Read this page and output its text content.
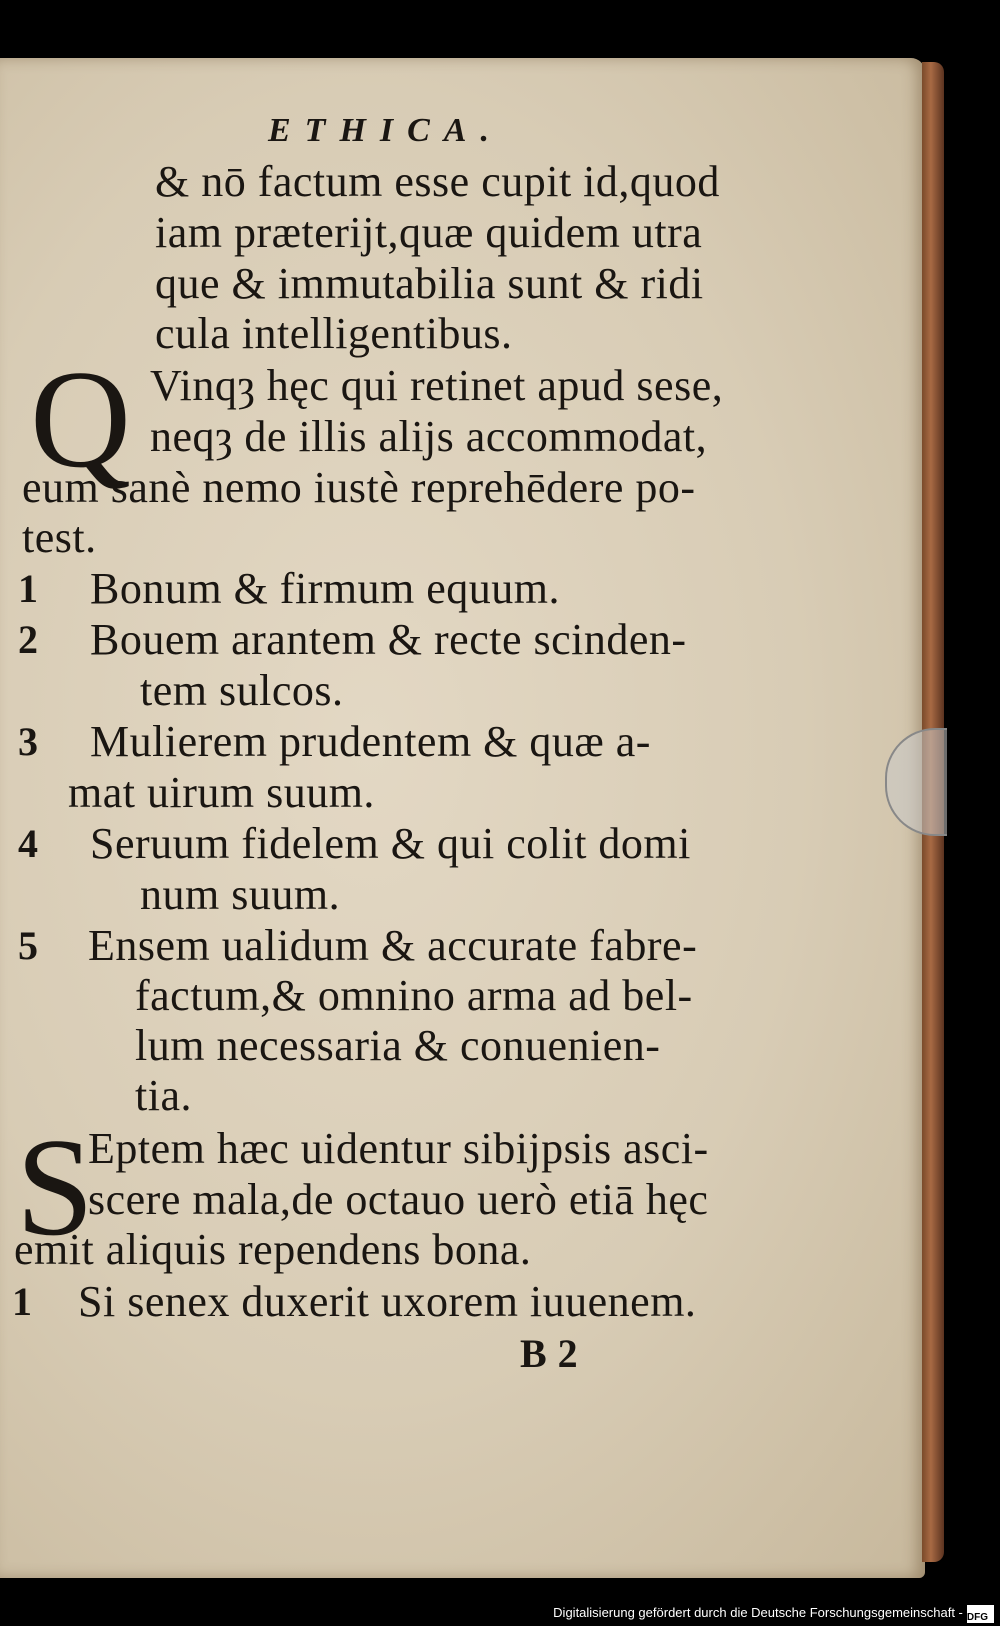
ETHICA.
& nō factum esse cupit id,quod
iam præterijt,quæ quidem utra
que & immutabilia sunt & ridi
cula intelligentibus.
Q Vinqȝ hęc qui retinet apud sese,
neqȝ de illis alijs accommodat,
eum sanè nemo iustè reprehēdere po-
test.
1 Bonum & firmum equum.
2 Bouem arantem & recte scinden-
tem sulcos.
3 Mulierem prudentem & quæ a-
mat uirum suum.
4 Seruum fidelem & qui colit domi
num suum.
5 Ensem ualidum & accurate fabre-
factum,& omnino arma ad bel-
lum necessaria & conuenien-
tia.
S
Eptem hæc uidentur sibijpsis asci-
scere mala,de octauo uerò etiā hęc
emit aliquis rependens bona.
1 Si senex duxerit uxorem iuuenem.
B 2
Digitalisierung gefördert durch die Deutsche Forschungsgemeinschaft - DFG
